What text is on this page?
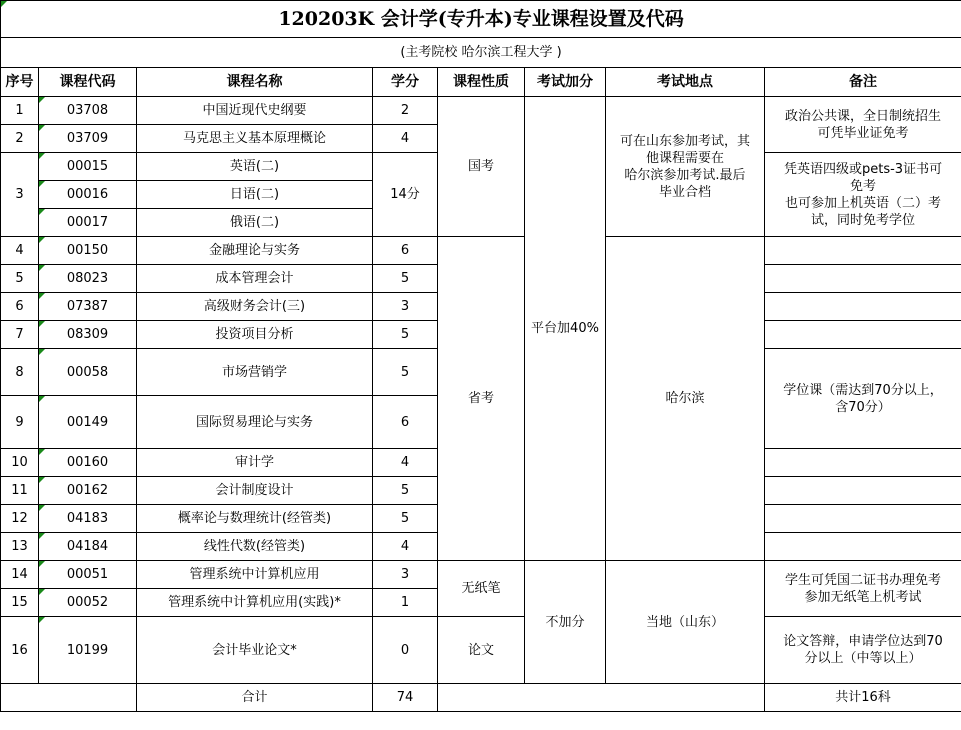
120203K 会计学(专升本)专业课程设置及代码							
(主考院校 哈尔滨工程大学 )							
序号	课程代码	课程名称	学分	课程性质	考试加分	考试地点	备注
1	03708	中国近现代史纲要	2	国考	平台加40%	可在山东参加考试，其
他课程需要在
哈尔滨参加考试.最后
毕业合档	政治公共课，全日制统招生
可凭毕业证免考
2	03709	马克思主义基本原理概论	4				
3	00015	英语(二)	14分				凭英语四级或pets-3证书可
免考
也可参加上机英语（二）考
试，同时免考学位
	00016	日语(二)					
	00017	俄语(二)					
4	00150	金融理论与实务	6	省考		哈尔滨	
5	08023	成本管理会计	5				
6	07387	高级财务会计(三)	3				
7	08309	投资项目分析	5				
8	00058	市场营销学	5				学位课（需达到70分以上，
含70分）
9	00149	国际贸易理论与实务	6				
10	00160	审计学	4				
11	00162	会计制度设计	5				
12	04183	概率论与数理统计(经管类)	5				
13	04184	线性代数(经管类)	4				
14	00051	管理系统中计算机应用	3	无纸笔	不加分	当地（山东）	学生可凭国二证书办理免考
参加无纸笔上机考试
15	00052	管理系统中计算机应用(实践)*	1				
16	10199	会计毕业论文*	0	论文			论文答辩，申请学位达到70
分以上（中等以上）
		合计	74				共计16科
